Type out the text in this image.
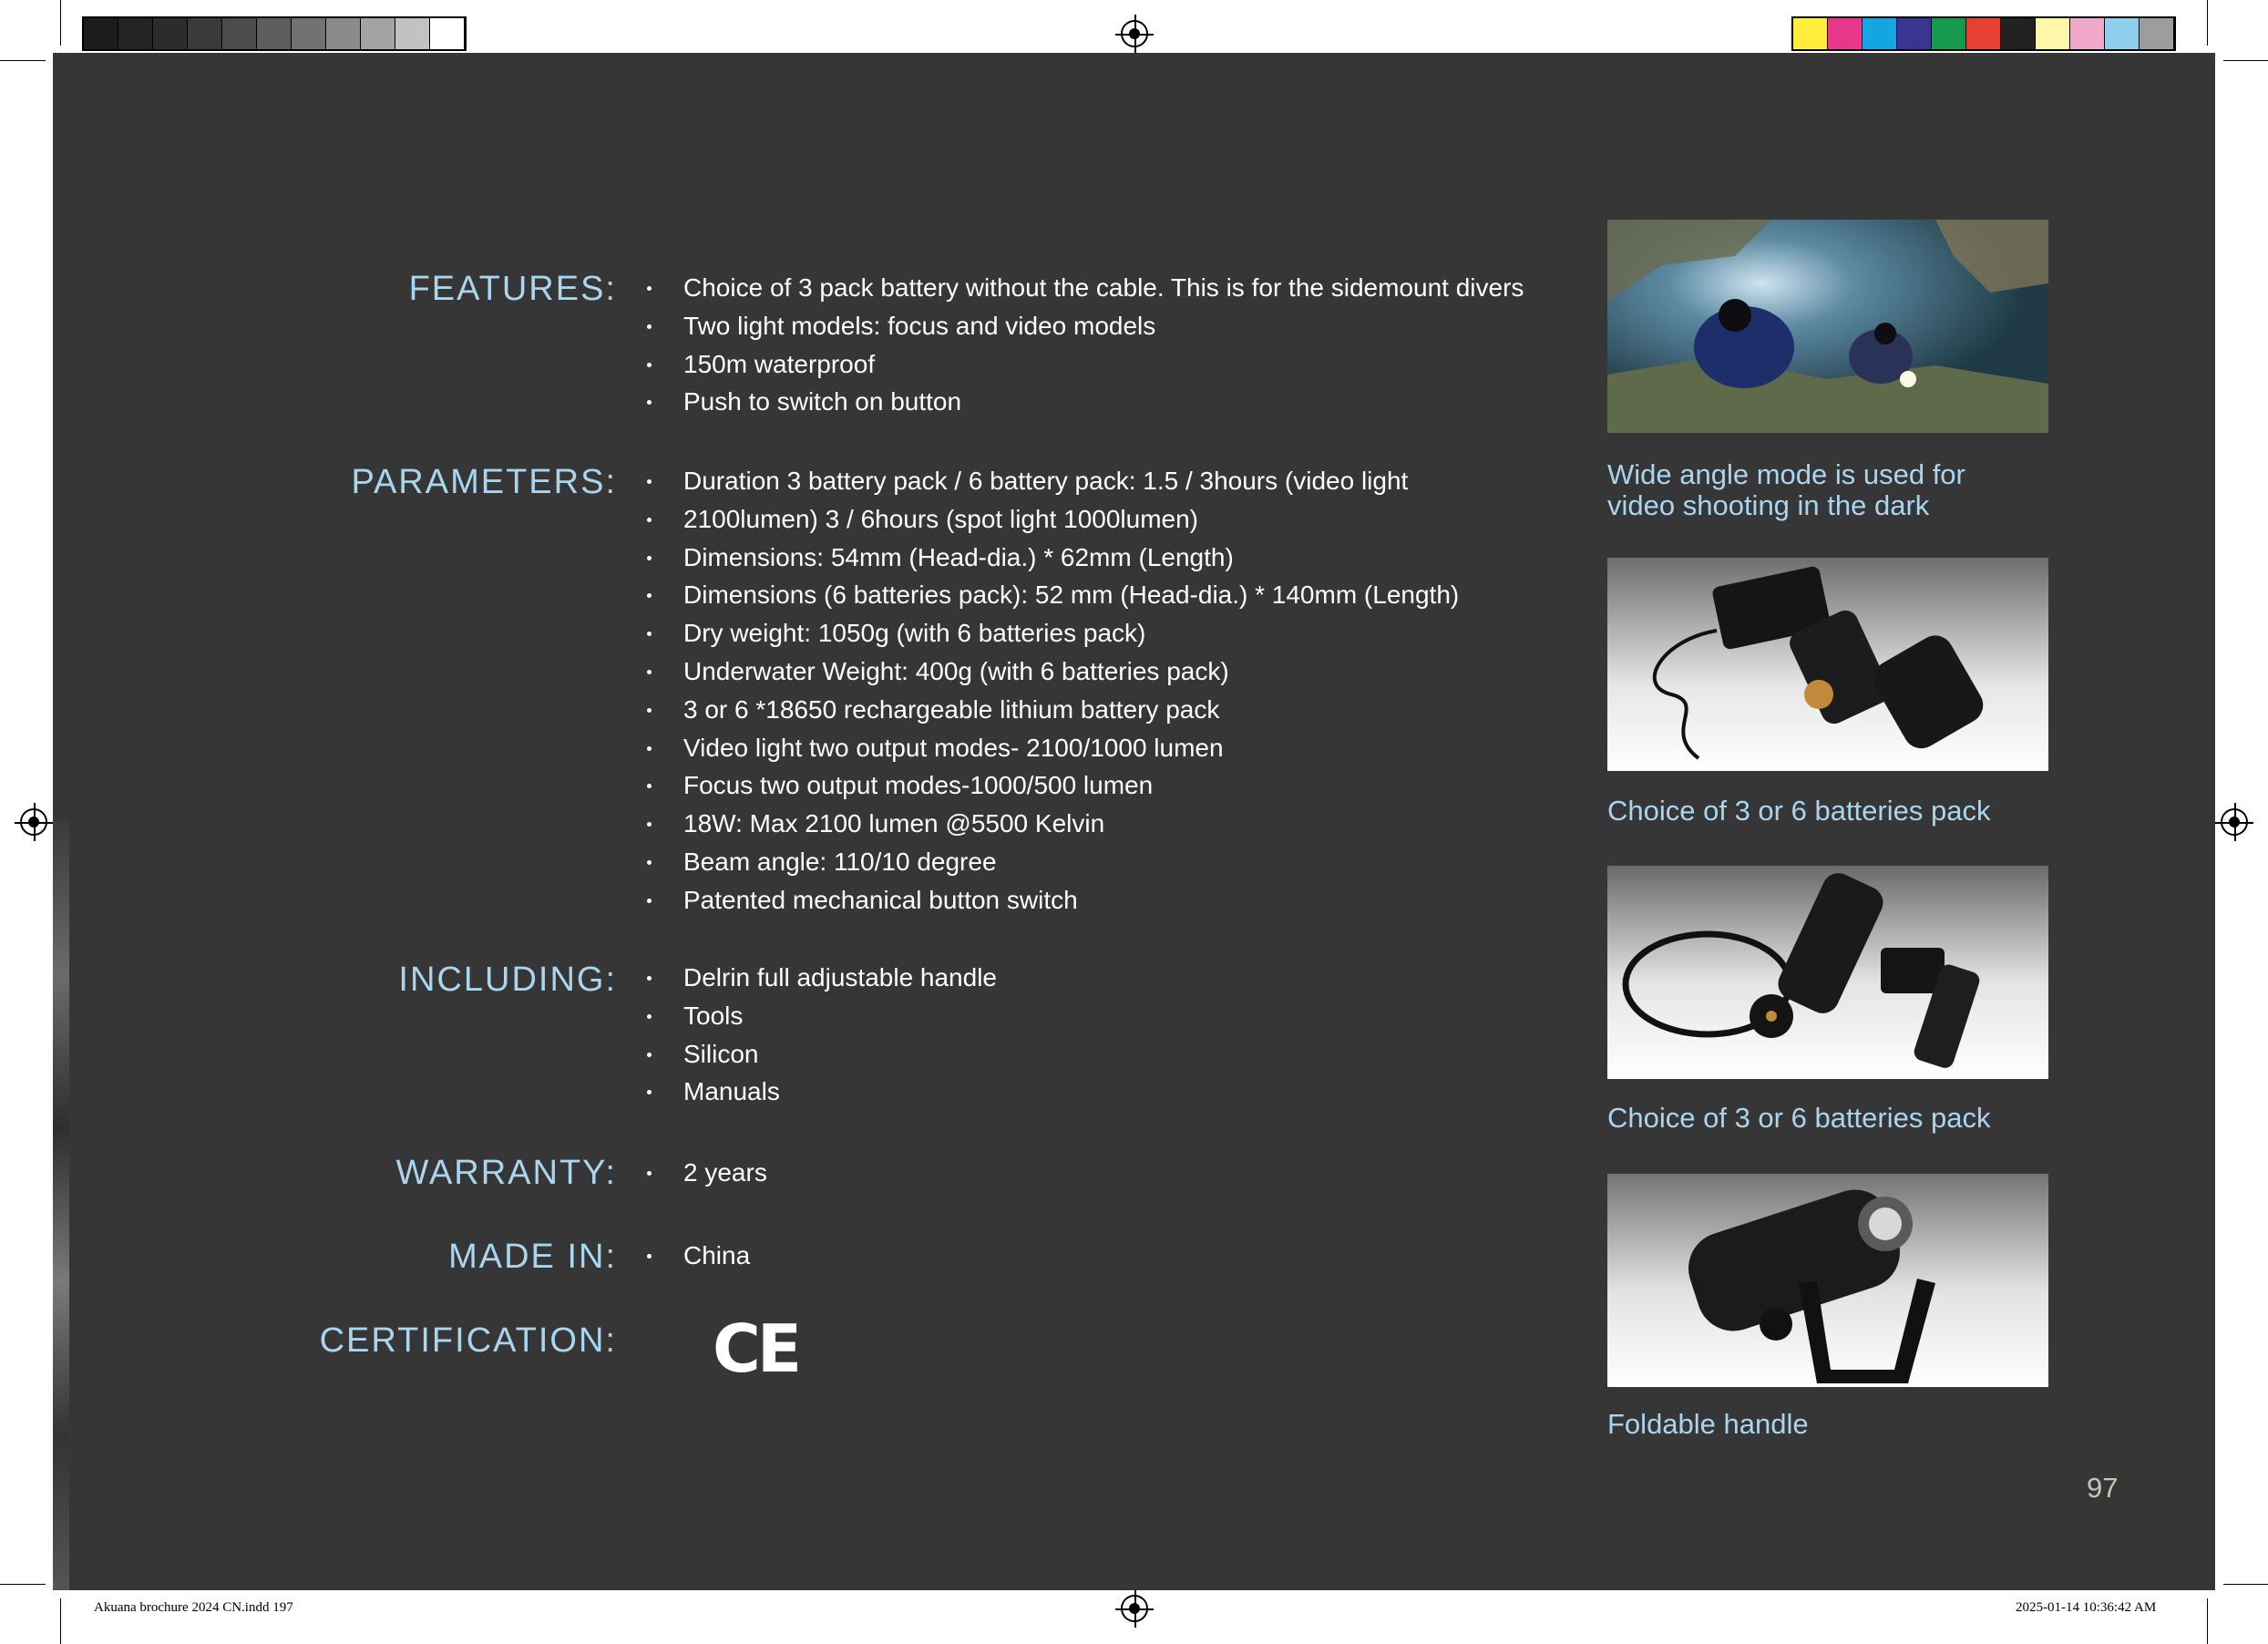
FEATURES:
PARAMETERS:
INCLUDING:
WARRANTY:
MADE IN:
CERTIFICATION:
Choice of 3 pack battery without the cable. This is for the sidemount divers
Two light models: focus and video models
150m waterproof
Push to switch on button
Duration 3 battery pack / 6 battery pack: 1.5 / 3hours (video light
2100lumen) 3 / 6hours (spot light 1000lumen)
Dimensions: 54mm (Head-dia.) * 62mm (Length)
Dimensions (6 batteries pack): 52 mm (Head-dia.) * 140mm (Length)
Dry weight: 1050g (with 6 batteries pack)
Underwater Weight: 400g (with 6 batteries pack)
3 or 6 *18650 rechargeable lithium battery pack
Video light two output modes- 2100/1000 lumen
Focus two output modes-1000/500 lumen
18W: Max 2100 lumen @5500 Kelvin
Beam angle: 110/10 degree
Patented mechanical button switch
Delrin full adjustable handle
Tools
Silicon
Manuals
2 years
China
CE
Wide angle mode is used for
video shooting in the dark
Choice of 3 or 6 batteries pack
Choice of 3 or 6 batteries pack
Foldable handle
97
Akuana brochure 2024 CN.indd 197	2025-01-14 10:36:42 AM
